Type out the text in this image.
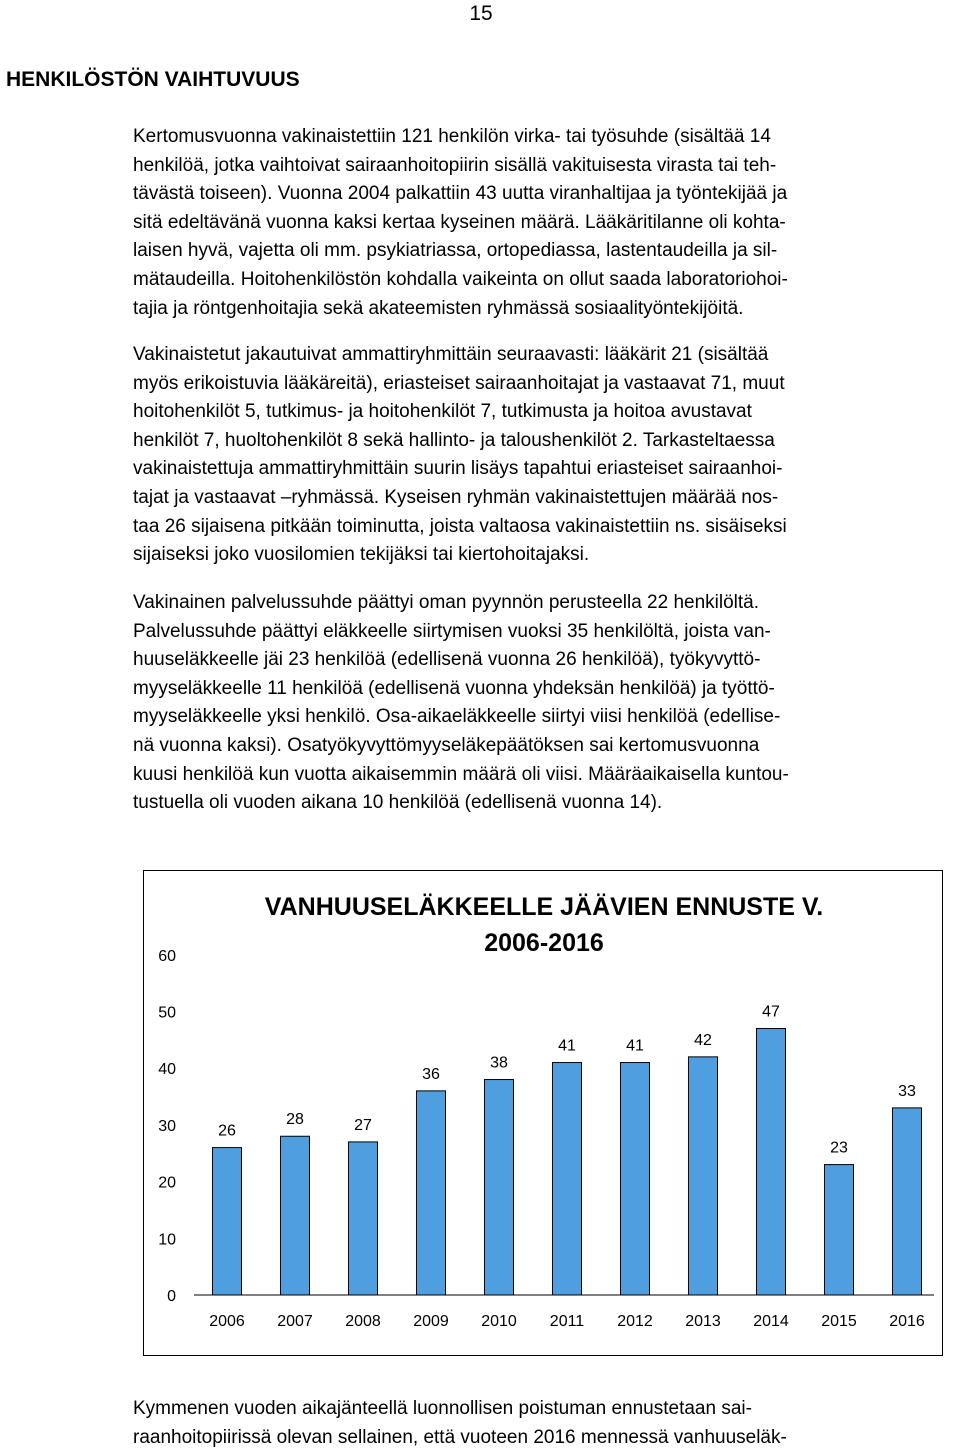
15
HENKILÖSTÖN VAIHTUVUUS
Kertomusvuonna vakinaistettiin 121 henkilön virka- tai työsuhde (sisältää 14
henkilöä, jotka vaihtoivat sairaanhoitopiirin sisällä vakituisesta virasta tai teh-
tävästä toiseen). Vuonna 2004 palkattiin 43 uutta viranhaltijaa ja työntekijää ja
sitä edeltävänä vuonna kaksi kertaa kyseinen määrä. Lääkäritilanne oli kohta-
laisen hyvä, vajetta oli mm. psykiatriassa, ortopediassa, lastentaudeilla ja sil-
mätaudeilla. Hoitohenkilöstön kohdalla vaikeinta on ollut saada laboratoriohoi-
tajia ja röntgenhoitajia sekä akateemisten ryhmässä sosiaalityöntekijöitä.
Vakinaistetut jakautuivat ammattiryhmittäin seuraavasti: lääkärit 21 (sisältää
myös erikoistuvia lääkäreitä), eriasteiset sairaanhoitajat ja vastaavat 71, muut
hoitohenkilöt 5, tutkimus- ja hoitohenkilöt 7, tutkimusta ja hoitoa avustavat
henkilöt 7, huoltohenkilöt 8 sekä hallinto- ja taloushenkilöt 2. Tarkasteltaessa
vakinaistettuja ammattiryhmittäin suurin lisäys tapahtui eriasteiset sairaanhoi-
tajat ja vastaavat –ryhmässä. Kyseisen ryhmän vakinaistettujen määrää nos-
taa 26 sijaisena pitkään toiminutta, joista valtaosa vakinaistettiin ns. sisäiseksi
sijaiseksi joko vuosilomien tekijäksi tai kiertohoitajaksi.
Vakinainen palvelussuhde päättyi oman pyynnön perusteella 22 henkilöltä.
Palvelussuhde päättyi eläkkeelle siirtymisen vuoksi 35 henkilöltä, joista van-
huuseläkkeelle jäi 23 henkilöä (edellisenä vuonna 26 henkilöä), työkyvyttö-
myyseläkkeelle 11 henkilöä (edellisenä vuonna yhdeksän henkilöä) ja työttö-
myyseläkkeelle yksi henkilö. Osa-aikaeläkkeelle siirtyi viisi henkilöä (edellise-
nä vuonna kaksi). Osatyökyvyttömyyseläkepäätöksen sai kertomusvuonna
kuusi henkilöä kun vuotta aikaisemmin määrä oli viisi. Määräaikaisella kuntou-
tustuella oli vuoden aikana 10 henkilöä (edellisenä vuonna 14).
0
10
20
30
40
50
60
26
2006
28
2007
27
2008
36
2009
38
2010
41
2011
41
2012
42
2013
47
2014
23
2015
33
2016
VANHUUSELÄKKEELLE JÄÄVIEN ENNUSTE V.
2006-2016
Kymmenen vuoden aikajänteellä luonnollisen poistuman ennustetaan sai-
raanhoitopiirissä olevan sellainen, että vuoteen 2016 mennessä vanhuuseläk-
